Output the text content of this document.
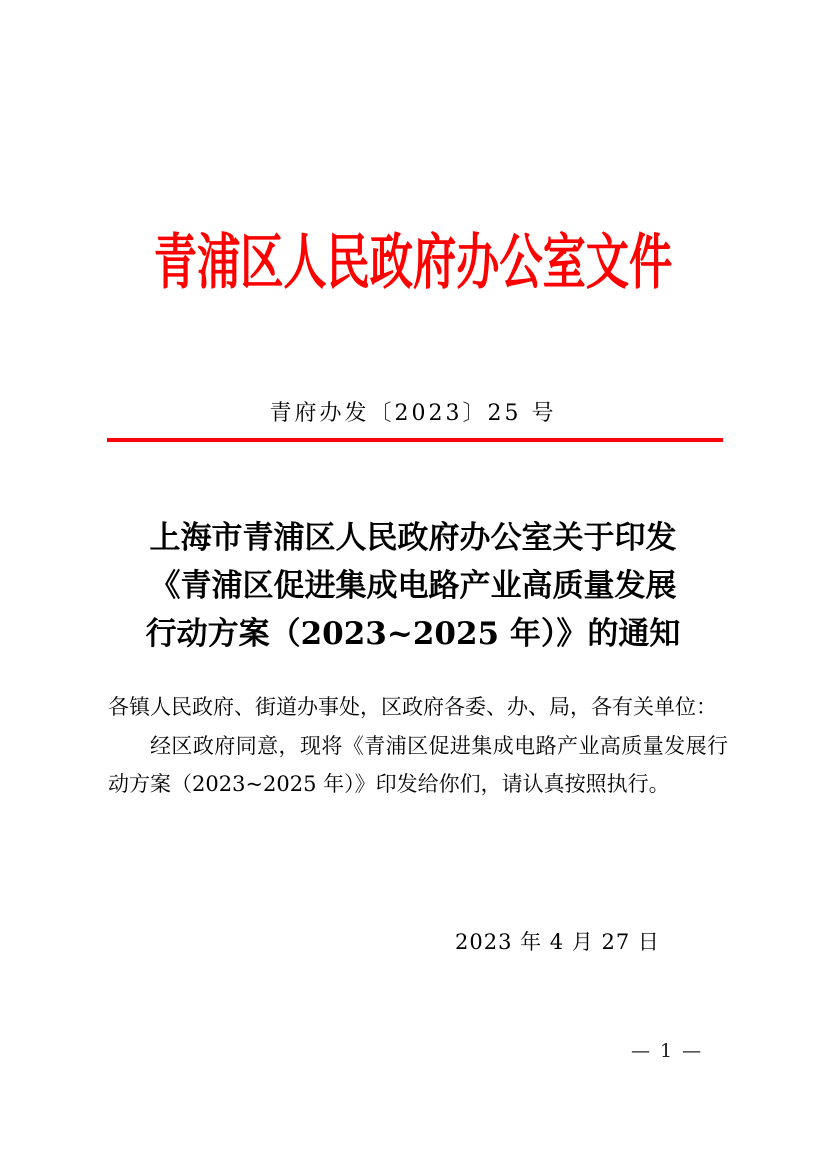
青浦区人民政府办公室文件
青府办发〔2023〕25 号
上海市青浦区人民政府办公室关于印发
《青浦区促进集成电路产业高质量发展
行动方案（2023~2025 年）》的通知

各镇人民政府、街道办事处，区政府各委、办、局，各有关单位：

经区政府同意，现将《青浦区促进集成电路产业高质量发展行动方案（2023~2025 年）》印发给你们，请认真按照执行。

2023 年 4 月 27 日
— 1 —
